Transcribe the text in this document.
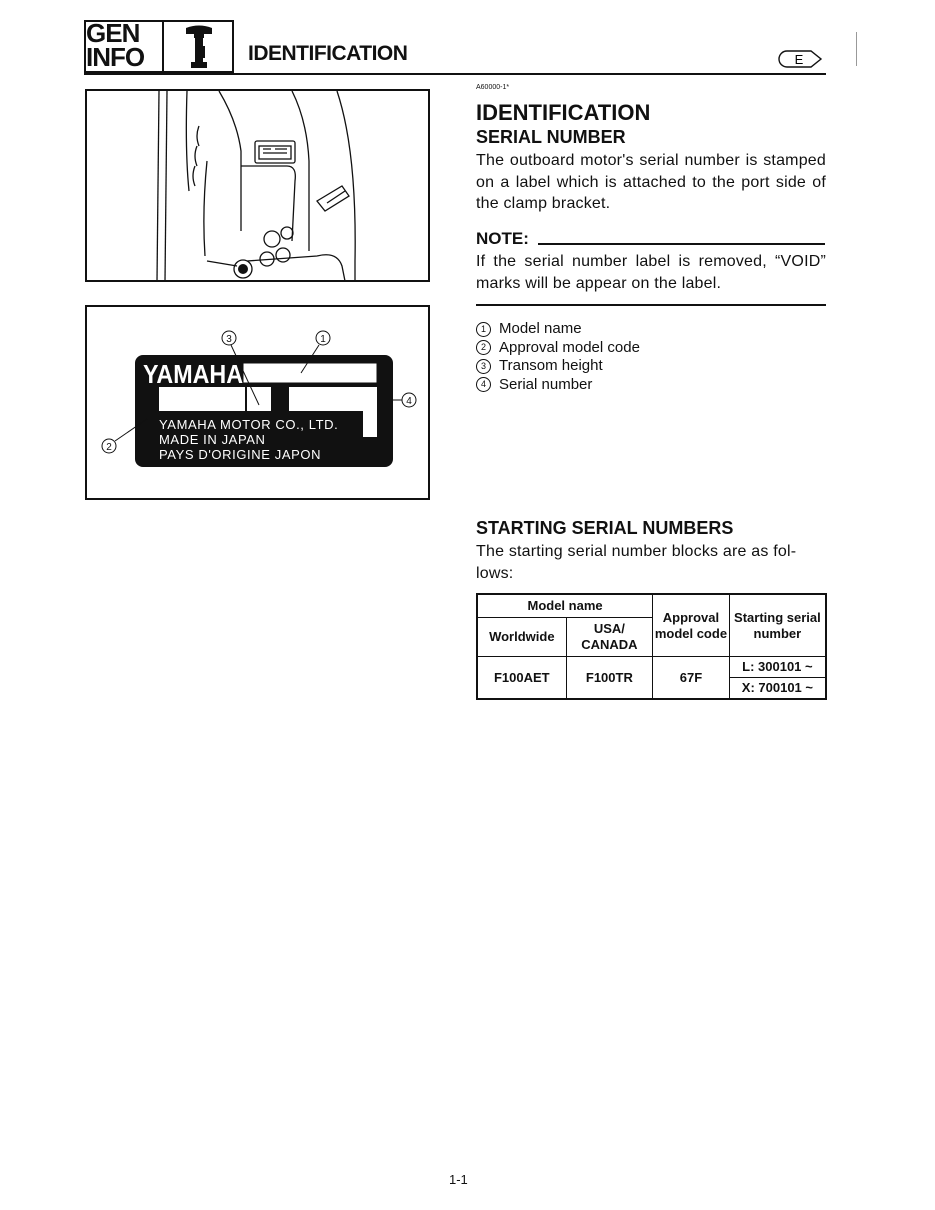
GEN
INFO	IDENTIFICATION	E
YAMAHA
YAMAHA MOTOR CO., LTD.
MADE IN JAPAN
PAYS D'ORIGINE JAPON
3	1
4
2
A60000-1*
IDENTIFICATION
SERIAL NUMBER
The outboard motor's serial number is stamped on a label which is attached to the port side of the clamp bracket.
NOTE:
If the serial number label is removed, “VOID” marks will be appear on the label.
1 Model name
2 Approval model code
3 Transom height
4 Serial number
STARTING SERIAL NUMBERS
The starting serial number blocks are as fol-lows:
Model name		Approval model code	Starting serial number
Worldwide	USA/ CANADA		
F100AET	F100TR	67F	L: 300101 ~
			X: 700101 ~
1-1
